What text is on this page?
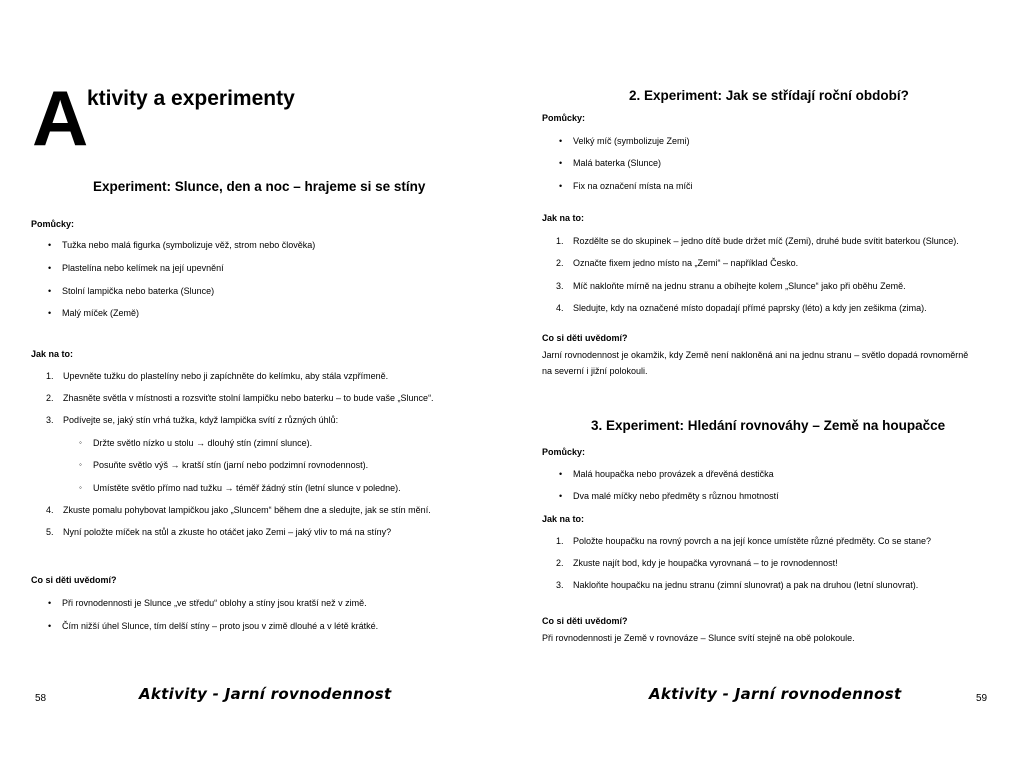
A
ktivity a experimenty
Experiment: Slunce, den a noc – hrajeme si se stíny
Pomůcky:
• Tužka nebo malá figurka (symbolizuje věž, strom nebo člověka)
• Plastelína nebo kelímek na její upevnění
• Stolní lampička nebo baterka (Slunce)
• Malý míček (Země)
Jak na to:
1. Upevněte tužku do plastelíny nebo ji zapíchněte do kelímku, aby stála vzpřímeně.
2. Zhasněte světla v místnosti a rozsviťte stolní lampičku nebo baterku – to bude vaše „Slunce“.
3. Podívejte se, jaký stín vrhá tužka, když lampička svítí z různých úhlů:
◦ Držte světlo nízko u stolu → dlouhý stín (zimní slunce).
◦ Posuňte světlo výš → kratší stín (jarní nebo podzimní rovnodennost).
◦ Umístěte světlo přímo nad tužku → téměř žádný stín (letní slunce v poledne).
4. Zkuste pomalu pohybovat lampičkou jako „Sluncem“ během dne a sledujte, jak se stín mění.
5. Nyní položte míček na stůl a zkuste ho otáčet jako Zemi – jaký vliv to má na stíny?
Co si děti uvědomí?
• Při rovnodennosti je Slunce „ve středu“ oblohy a stíny jsou kratší než v zimě.
• Čím nižší úhel Slunce, tím delší stíny – proto jsou v zimě dlouhé a v létě krátké.
58	Aktivity - Jarní rovnodennost
2. Experiment: Jak se střídají roční období?
Pomůcky:
• Velký míč (symbolizuje Zemi)
• Malá baterka (Slunce)
• Fix na označení místa na míči
Jak na to:
1. Rozdělte se do skupinek – jedno dítě bude držet míč (Zemi), druhé bude svítit baterkou (Slunce).
2. Označte fixem jedno místo na „Zemi“ – například Česko.
3. Míč nakloňte mírně na jednu stranu a obíhejte kolem „Slunce“ jako při oběhu Země.
4. Sledujte, kdy na označené místo dopadají přímé paprsky (léto) a kdy jen zešikma (zima).
Co si děti uvědomí?
Jarní rovnodennost je okamžik, kdy Země není nakloněná ani na jednu stranu – světlo dopadá rovnoměrně
na severní i jižní polokouli.
3. Experiment: Hledání rovnováhy – Země na houpačce
Pomůcky:
• Malá houpačka nebo provázek a dřevěná destička
• Dva malé míčky nebo předměty s různou hmotností
Jak na to:
1. Položte houpačku na rovný povrch a na její konce umístěte různé předměty. Co se stane?
2. Zkuste najít bod, kdy je houpačka vyrovnaná – to je rovnodennost!
3. Nakloňte houpačku na jednu stranu (zimní slunovrat) a pak na druhou (letní slunovrat).
Co si děti uvědomí?
Při rovnodennosti je Země v rovnováze – Slunce svítí stejně na obě polokoule.
Aktivity - Jarní rovnodennost	59
